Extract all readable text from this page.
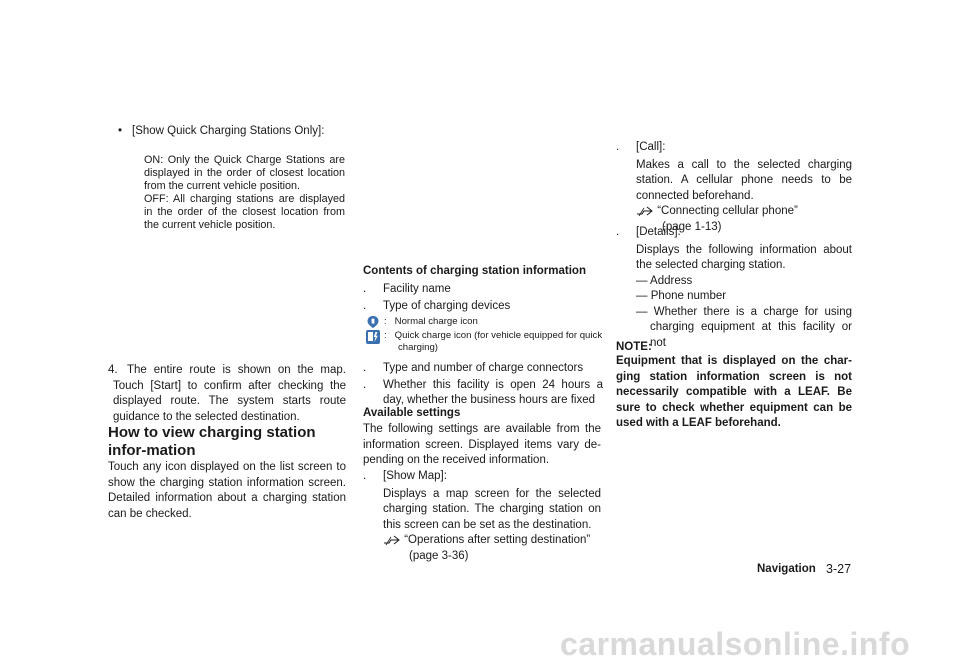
• [Show Quick Charging Stations Only]:
ON: Only the Quick Charge Stations are displayed in the order of closest location from the current vehicle position.
OFF: All charging stations are displayed in the order of the closest location from the current vehicle position.
4. The entire route is shown on the map. Touch [Start] to confirm after checking the displayed route. The system starts route guidance to the selected destination.
How to view charging station infor-mation
Touch any icon displayed on the list screen to show the charging station information screen. Detailed information about a charging station can be checked.
Contents of charging station information
. Facility name
. Type of charging devices
:   Normal charge icon
:   Quick charge icon (for vehicle equipped for quick charging)
. Type and number of charge connectors
. Whether this facility is open 24 hours a day, whether the business hours are fixed
Available settings
The following settings are available from the information screen. Displayed items vary de-pending on the received information.
. [Show Map]:
Displays a map screen for the selected charging station. The charging station on this screen can be set as the destination.
“Operations after setting destination”
(page 3-36)
. [Call]:
Makes a call to the selected charging station. A cellular phone needs to be connected beforehand.
“Connecting cellular phone”
(page 1-13)
. [Details]:
Displays the following information about the selected charging station.
— Address
— Phone number
— Whether there is a charge for using charging equipment at this facility or not
NOTE:
Equipment that is displayed on the char-ging station information screen is not necessarily compatible with a LEAF. Be sure to check whether equipment can be used with a LEAF beforehand.
Navigation 3-27
carmanualsonline.info
